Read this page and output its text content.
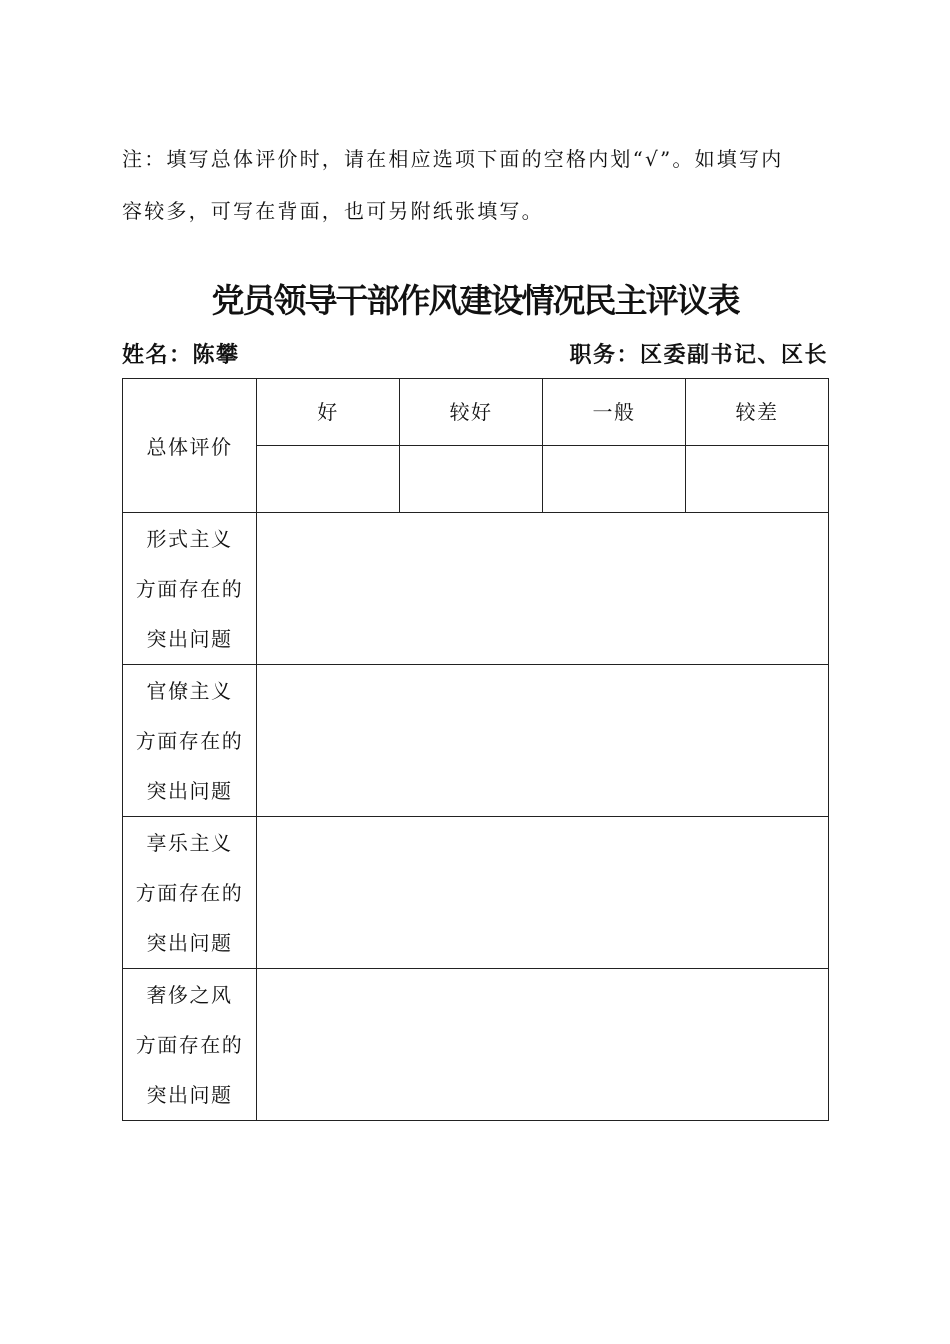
注：填写总体评价时，请在相应选项下面的空格内划“√”。如填写内

容较多，可写在背面，也可另附纸张填写。

党员领导干部作风建设情况民主评议表
姓名：陈攀	职务：区委副书记、区长
总体评价	好	较好	一般	较差

形式主义
方面存在的
突出问题				

官僚主义
方面存在的
突出问题				

享乐主义
方面存在的
突出问题				

奢侈之风
方面存在的
突出问题				
